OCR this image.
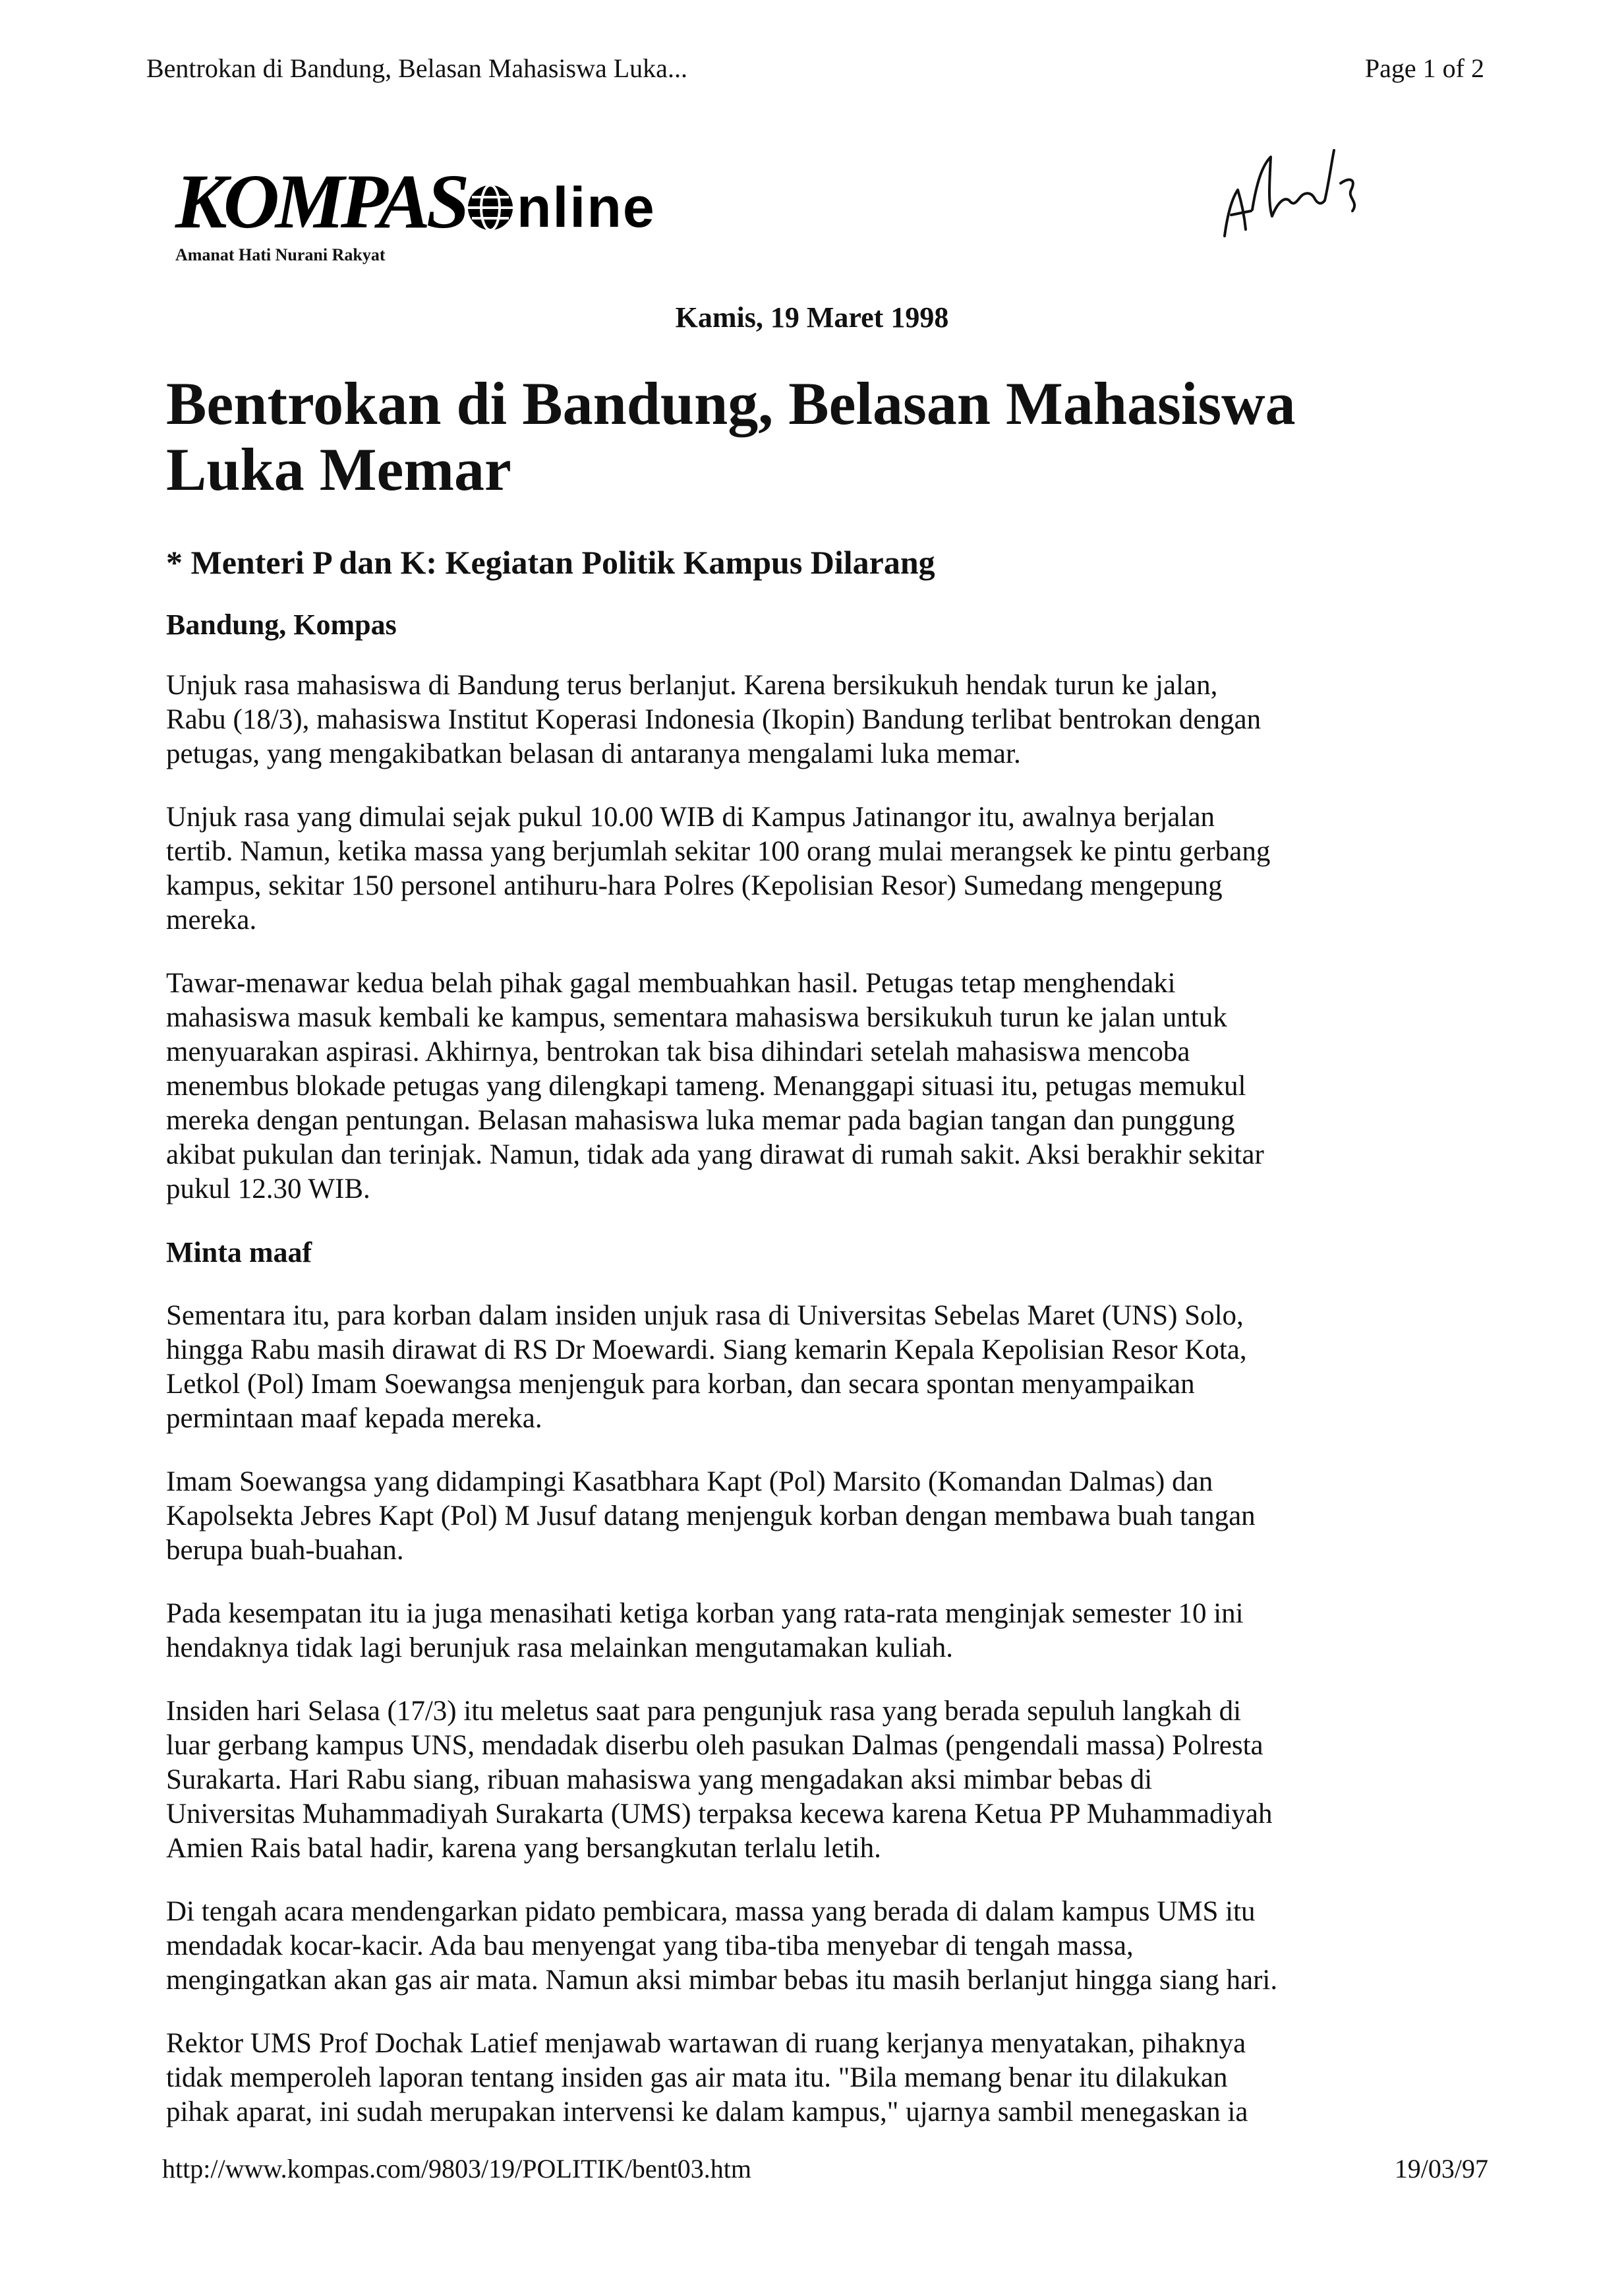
Bentrokan di Bandung, Belasan Mahasiswa Luka...	Page 1 of 2
KOMPAS nline
Amanat Hati Nurani Rakyat
Kamis, 19 Maret 1998
Bentrokan di Bandung, Belasan Mahasiswa
Luka Memar
* Menteri P dan K: Kegiatan Politik Kampus Dilarang
Bandung, Kompas
Unjuk rasa mahasiswa di Bandung terus berlanjut. Karena bersikukuh hendak turun ke jalan,
Rabu (18/3), mahasiswa Institut Koperasi Indonesia (Ikopin) Bandung terlibat bentrokan dengan
petugas, yang mengakibatkan belasan di antaranya mengalami luka memar.
Unjuk rasa yang dimulai sejak pukul 10.00 WIB di Kampus Jatinangor itu, awalnya berjalan
tertib. Namun, ketika massa yang berjumlah sekitar 100 orang mulai merangsek ke pintu gerbang
kampus, sekitar 150 personel antihuru-hara Polres (Kepolisian Resor) Sumedang mengepung
mereka.
Tawar-menawar kedua belah pihak gagal membuahkan hasil. Petugas tetap menghendaki
mahasiswa masuk kembali ke kampus, sementara mahasiswa bersikukuh turun ke jalan untuk
menyuarakan aspirasi. Akhirnya, bentrokan tak bisa dihindari setelah mahasiswa mencoba
menembus blokade petugas yang dilengkapi tameng. Menanggapi situasi itu, petugas memukul
mereka dengan pentungan. Belasan mahasiswa luka memar pada bagian tangan dan punggung
akibat pukulan dan terinjak. Namun, tidak ada yang dirawat di rumah sakit. Aksi berakhir sekitar
pukul 12.30 WIB.
Minta maaf
Sementara itu, para korban dalam insiden unjuk rasa di Universitas Sebelas Maret (UNS) Solo,
hingga Rabu masih dirawat di RS Dr Moewardi. Siang kemarin Kepala Kepolisian Resor Kota,
Letkol (Pol) Imam Soewangsa menjenguk para korban, dan secara spontan menyampaikan
permintaan maaf kepada mereka.
Imam Soewangsa yang didampingi Kasatbhara Kapt (Pol) Marsito (Komandan Dalmas) dan
Kapolsekta Jebres Kapt (Pol) M Jusuf datang menjenguk korban dengan membawa buah tangan
berupa buah-buahan.
Pada kesempatan itu ia juga menasihati ketiga korban yang rata-rata menginjak semester 10 ini
hendaknya tidak lagi berunjuk rasa melainkan mengutamakan kuliah.
Insiden hari Selasa (17/3) itu meletus saat para pengunjuk rasa yang berada sepuluh langkah di
luar gerbang kampus UNS, mendadak diserbu oleh pasukan Dalmas (pengendali massa) Polresta
Surakarta. Hari Rabu siang, ribuan mahasiswa yang mengadakan aksi mimbar bebas di
Universitas Muhammadiyah Surakarta (UMS) terpaksa kecewa karena Ketua PP Muhammadiyah
Amien Rais batal hadir, karena yang bersangkutan terlalu letih.
Di tengah acara mendengarkan pidato pembicara, massa yang berada di dalam kampus UMS itu
mendadak kocar-kacir. Ada bau menyengat yang tiba-tiba menyebar di tengah massa,
mengingatkan akan gas air mata. Namun aksi mimbar bebas itu masih berlanjut hingga siang hari.
Rektor UMS Prof Dochak Latief menjawab wartawan di ruang kerjanya menyatakan, pihaknya
tidak memperoleh laporan tentang insiden gas air mata itu. "Bila memang benar itu dilakukan
pihak aparat, ini sudah merupakan intervensi ke dalam kampus," ujarnya sambil menegaskan ia
http://www.kompas.com/9803/19/POLITIK/bent03.htm	19/03/97
